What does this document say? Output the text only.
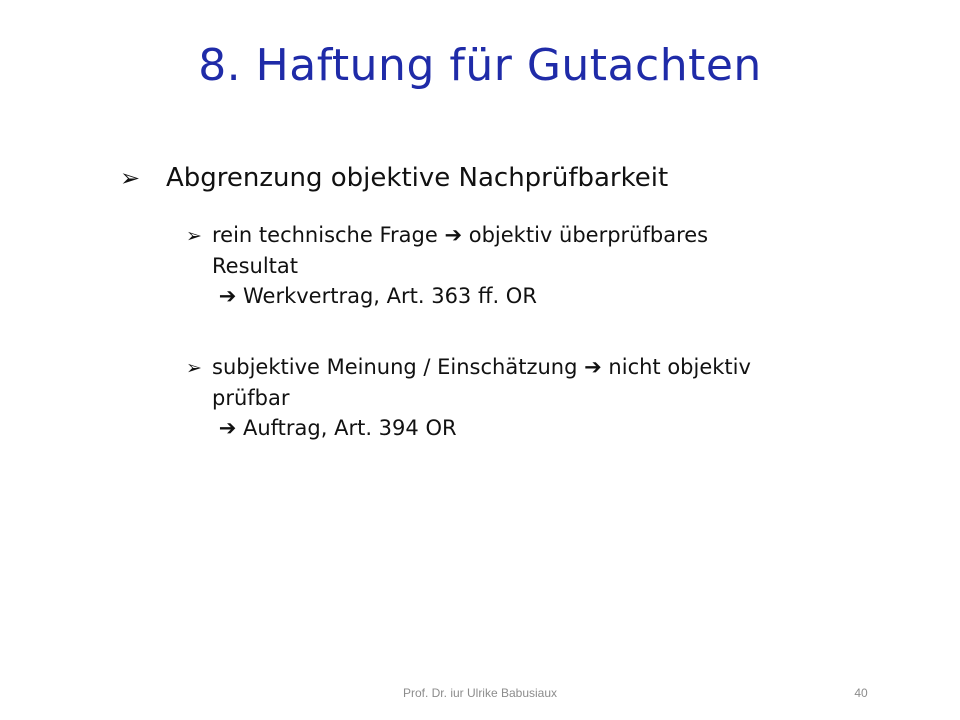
8. Haftung für Gutachten
➢ Abgrenzung objektive Nachprüfbarkeit
➢ rein technische Frage
➔
objektiv überprüfbares
Resultat

➔
Werkvertrag, Art. 363 ff. OR
➢ subjektive Meinung / Einschätzung
➔
nicht objektiv
prüfbar

➔
Auftrag, Art. 394 OR
Prof. Dr. iur Ulrike Babusiaux	40
